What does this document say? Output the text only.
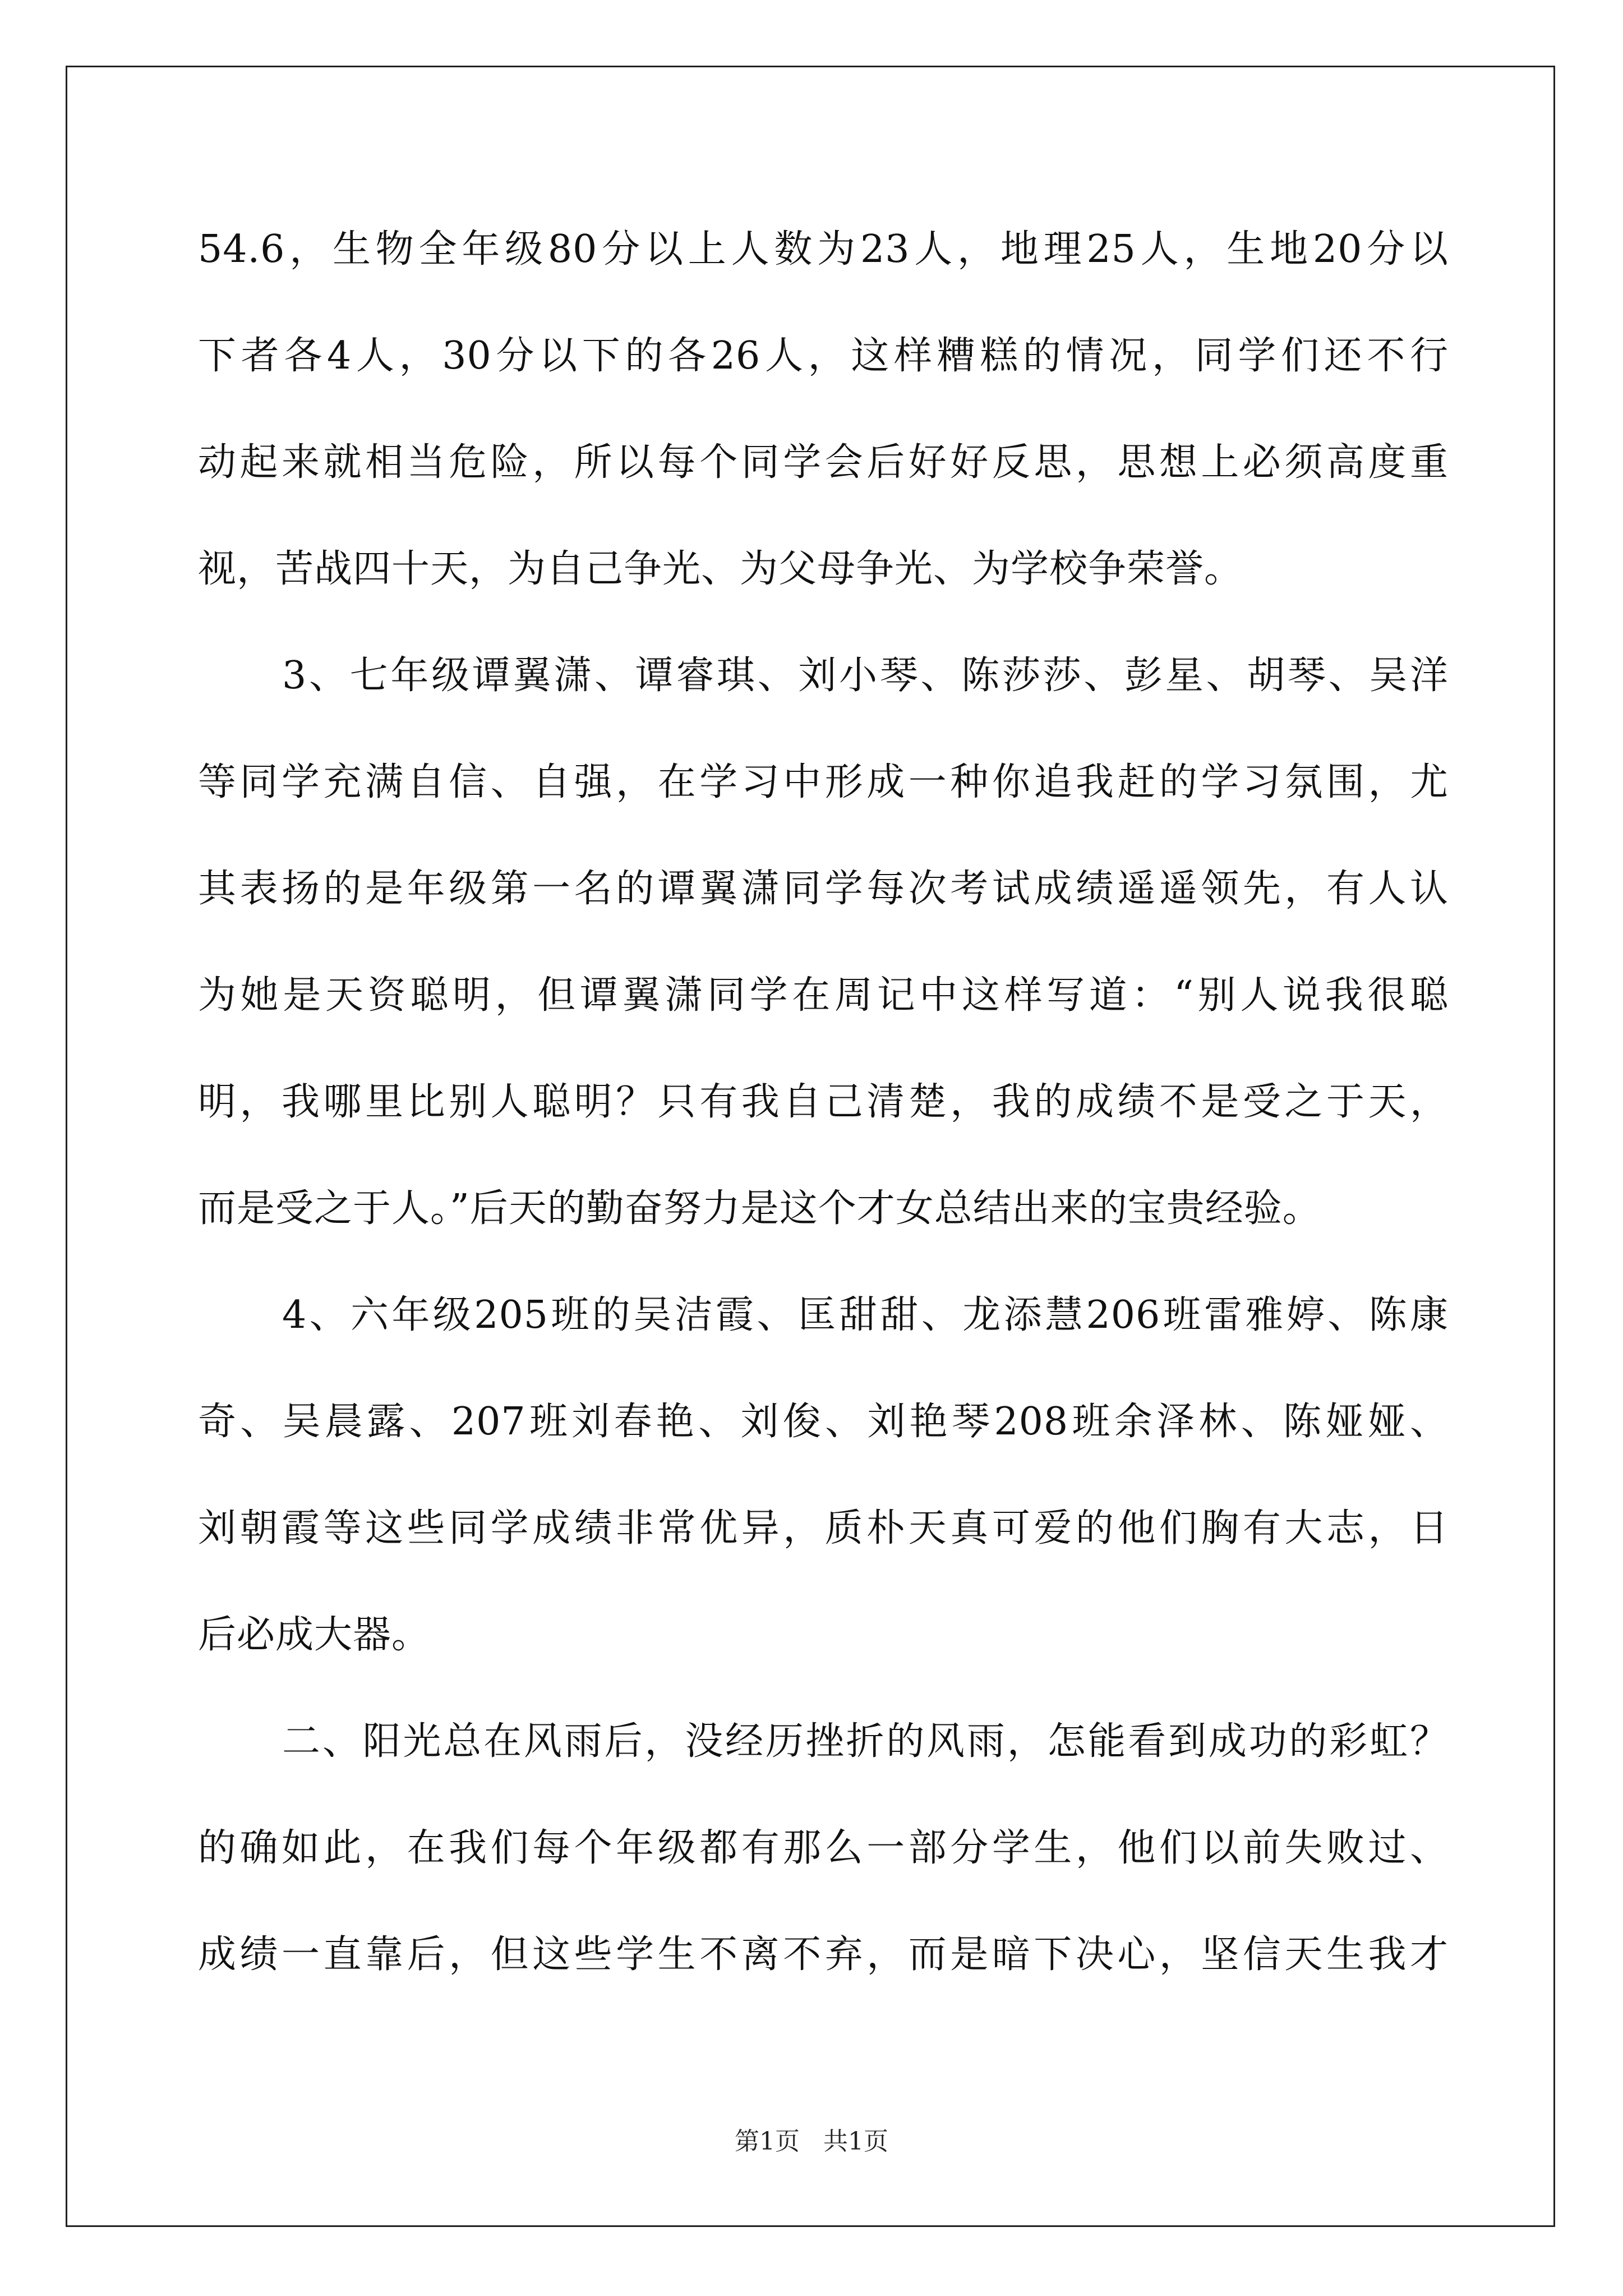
54.6，生物全年级80分以上人数为23人，地理25人，生地20分以
下者各4人，30分以下的各26人，这样糟糕的情况，同学们还不行
动起来就相当危险，所以每个同学会后好好反思，思想上必须高度重
视，苦战四十天，为自己争光、为父母争光、为学校争荣誉。
3、七年级谭翼潇、谭睿琪、刘小琴、陈莎莎、彭星、胡琴、吴洋
等同学充满自信、自强，在学习中形成一种你追我赶的学习氛围，尤
其表扬的是年级第一名的谭翼潇同学每次考试成绩遥遥领先，有人认
为她是天资聪明，但谭翼潇同学在周记中这样写道：“别人说我很聪
明，我哪里比别人聪明？只有我自己清楚，我的成绩不是受之于天，
而是受之于人。”后天的勤奋努力是这个才女总结出来的宝贵经验。
4、六年级205班的吴洁霞、匡甜甜、龙添慧206班雷雅婷、陈康
奇、吴晨露、207班刘春艳、刘俊、刘艳琴208班余泽林、陈娅娅、
刘朝霞等这些同学成绩非常优异，质朴天真可爱的他们胸有大志，日
后必成大器。
二、阳光总在风雨后，没经历挫折的风雨，怎能看到成功的彩虹？
的确如此，在我们每个年级都有那么一部分学生，他们以前失败过、
成绩一直靠后，但这些学生不离不弃，而是暗下决心，坚信天生我才
第1页   共1页
